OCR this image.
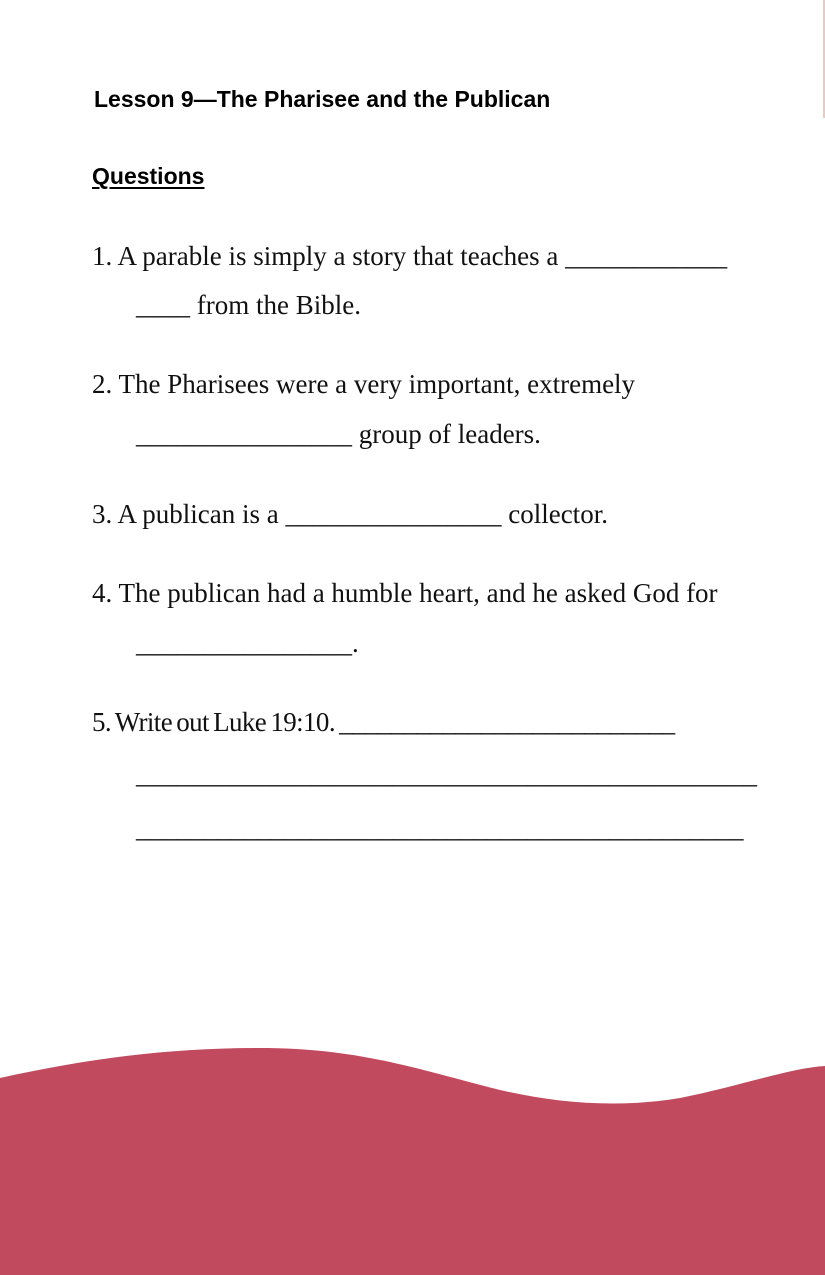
Lesson 9—The Pharisee and the Publican
Questions

1. A parable is simply a story that teaches a ____________

____ from the Bible.

2. The Pharisees were a very important, extremely

________________ group of leaders.

3. A publican is a ________________ collector.

4. The publican had a humble heart, and he asked God for

________________.

5. Write out Luke 19:10. __________________________

______________________________________________

_____________________________________________
